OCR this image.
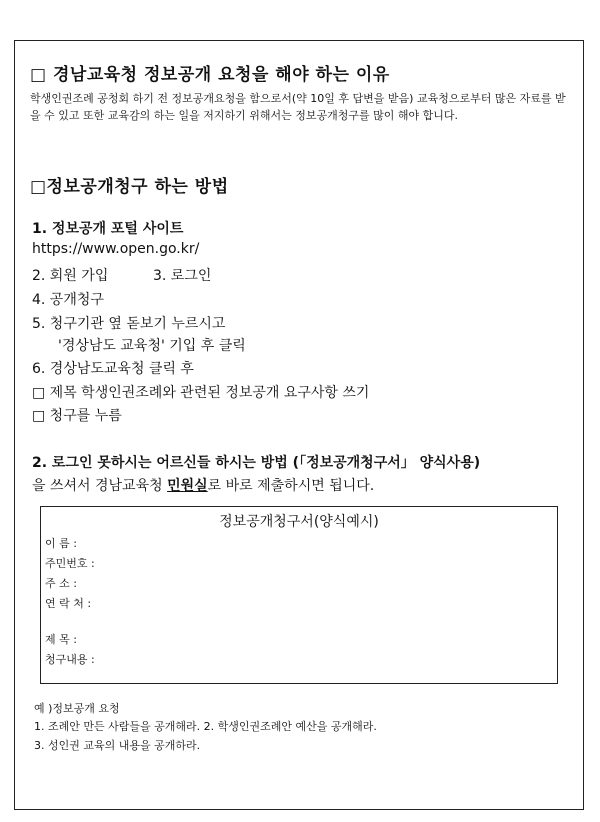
□ 경남교육청 정보공개 요청을 해야 하는 이유
학생인권조례 공청회 하기 전 정보공개요청을 함으로서(약 10일 후 답변을 받음) 교육청으로부터 많은 자료를 받을 수 있고 또한 교육감의 하는 일을 저지하기 위해서는 정보공개청구를 많이 해야 합니다.
□정보공개청구 하는 방법
1. 정보공개 포털 사이트
https://www.open.go.kr/
2. 회원 가입	3. 로그인
4. 공개청구
5. 청구기관 옆 돋보기 누르시고
'경상남도 교육청' 기입 후 클릭
6. 경상남도교육청 클릭 후
□ 제목 학생인권조례와 관련된 정보공개 요구사항 쓰기
□ 청구를 누름
2. 로그인 못하시는 어르신들 하시는 방법 (「정보공개청구서」 양식사용)
을 쓰셔서 경남교육청 민원실로 바로 제출하시면 됩니다.
정보공개청구서(양식예시)
이 름 :
주민번호 :
주 소 :
연 락 처 :
제 목 :
청구내용 :
예 )정보공개 요청
1. 조례안 만든 사람들을 공개해라. 2. 학생인권조례안 예산을 공개해라.
3. 성인권 교육의 내용을 공개하라.
